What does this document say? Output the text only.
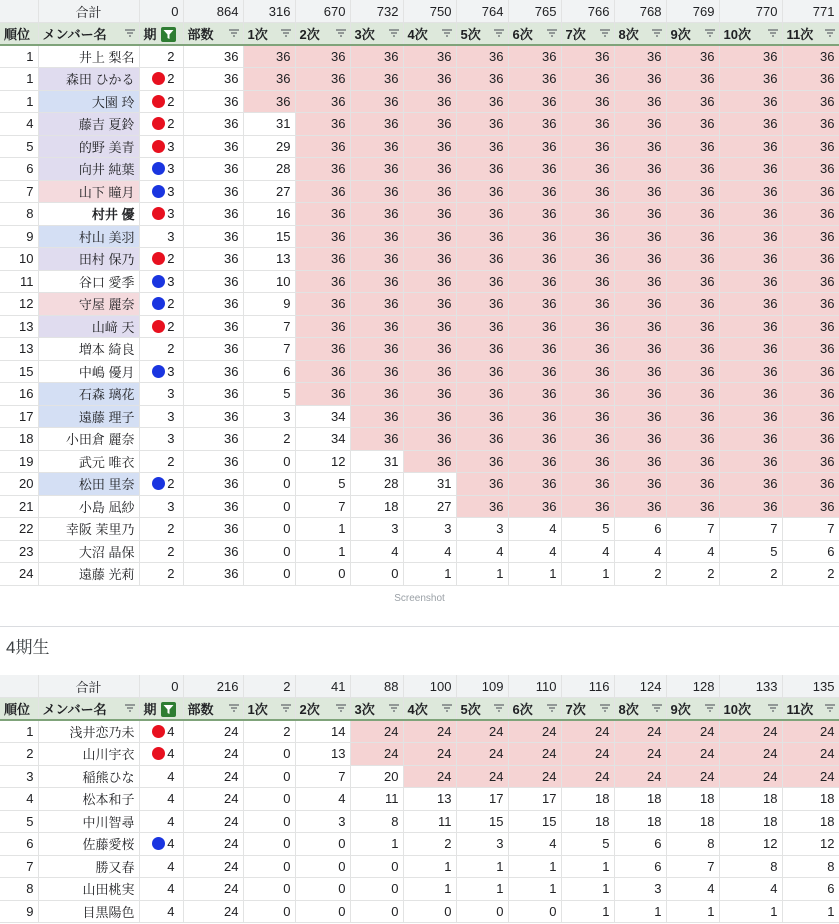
	合計	0	864	316	670	732	750	764	765	766	768	769	770	771
順位	メンバー名	期	部数	1次	2次	3次	4次	5次	6次	7次	8次	9次	10次	11次

1	井上 梨名	2	36	36	36	36	36	36	36	36	36	36	36	36
1	森田 ひかる	2	36	36	36	36	36	36	36	36	36	36	36	36
1	大園 玲	2	36	36	36	36	36	36	36	36	36	36	36	36
4	藤吉 夏鈴	2	36	31	36	36	36	36	36	36	36	36	36	36
5	的野 美青	3	36	29	36	36	36	36	36	36	36	36	36	36
6	向井 純葉	3	36	28	36	36	36	36	36	36	36	36	36	36
7	山下 瞳月	3	36	27	36	36	36	36	36	36	36	36	36	36
8	村井 優	3	36	16	36	36	36	36	36	36	36	36	36	36
9	村山 美羽	3	36	15	36	36	36	36	36	36	36	36	36	36
10	田村 保乃	2	36	13	36	36	36	36	36	36	36	36	36	36
11	谷口 愛季	3	36	10	36	36	36	36	36	36	36	36	36	36
12	守屋 麗奈	2	36	9	36	36	36	36	36	36	36	36	36	36
13	山﨑 天	2	36	7	36	36	36	36	36	36	36	36	36	36
13	増本 綺良	2	36	7	36	36	36	36	36	36	36	36	36	36
15	中嶋 優月	3	36	6	36	36	36	36	36	36	36	36	36	36
16	石森 璃花	3	36	5	36	36	36	36	36	36	36	36	36	36
17	遠藤 理子	3	36	3	34	36	36	36	36	36	36	36	36	36
18	小田倉 麗奈	3	36	2	34	36	36	36	36	36	36	36	36	36
19	武元 唯衣	2	36	0	12	31	36	36	36	36	36	36	36	36
20	松田 里奈	2	36	0	5	28	31	36	36	36	36	36	36	36
21	小島 凪紗	3	36	0	7	18	27	36	36	36	36	36	36	36
22	幸阪 茉里乃	2	36	0	1	3	3	3	4	5	6	7	7	7
23	大沼 晶保	2	36	0	1	4	4	4	4	4	4	4	5	6
24	遠藤 光莉	2	36	0	0	0	1	1	1	1	2	2	2	2
Screenshot
4期生
	合計	0	216	2	41	88	100	109	110	116	124	128	133	135
順位	メンバー名	期	部数	1次	2次	3次	4次	5次	6次	7次	8次	9次	10次	11次

1	浅井恋乃未	4	24	2	14	24	24	24	24	24	24	24	24	24
2	山川宇衣	4	24	0	13	24	24	24	24	24	24	24	24	24
3	稲熊ひな	4	24	0	7	20	24	24	24	24	24	24	24	24
4	松本和子	4	24	0	4	11	13	17	17	18	18	18	18	18
5	中川智尋	4	24	0	3	8	11	15	15	18	18	18	18	18
6	佐藤愛桜	4	24	0	0	1	2	3	4	5	6	8	12	12
7	勝又春	4	24	0	0	0	1	1	1	1	6	7	8	8
8	山田桃実	4	24	0	0	0	1	1	1	1	3	4	4	6
9	目黒陽色	4	24	0	0	0	0	0	0	1	1	1	1	1
